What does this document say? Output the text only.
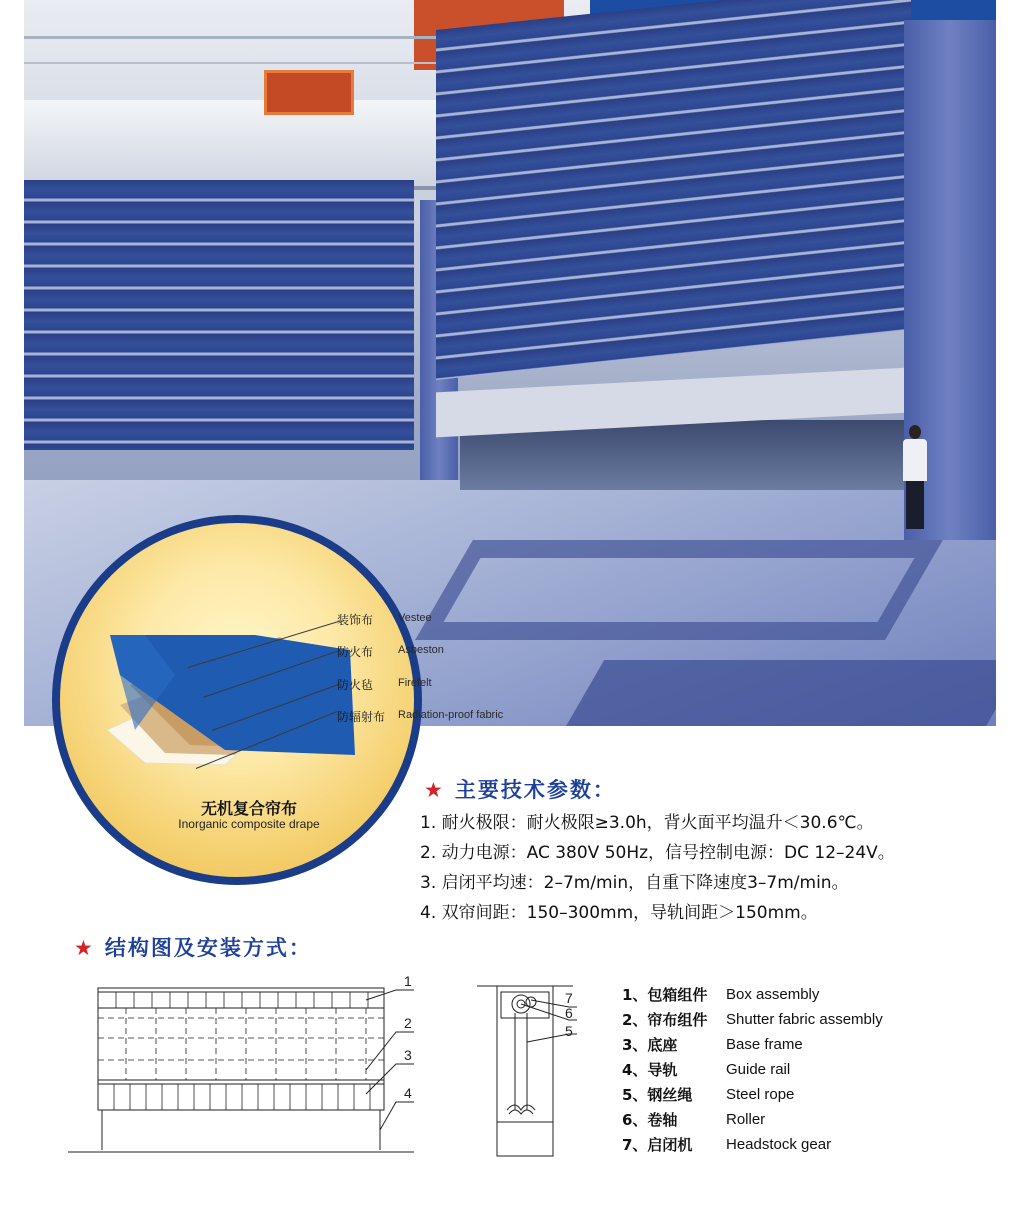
装饰布 Vestee
防火布 Asbeston
防火毡 Firefelt
防辐射布 Radiation-proof fabric
无机复合帘布
Inorganic composite drape
★ 主要技术参数：
1. 耐火极限：耐火极限≥3.0h，背火面平均温升＜30.6℃。
2. 动力电源：AC 380V 50Hz，信号控制电源：DC 12–24V。
3. 启闭平均速：2–7m/min，自重下降速度3–7m/min。
4. 双帘间距：150–300mm，导轨间距＞150mm。
★ 结构图及安装方式：
1
2
3
4
7
6
5
1、包箱组件	Box assembly
2、帘布组件	Shutter fabric assembly
3、底座	Base frame
4、导轨	Guide rail
5、钢丝绳	Steel rope
6、卷轴	Roller
7、启闭机	Headstock gear
